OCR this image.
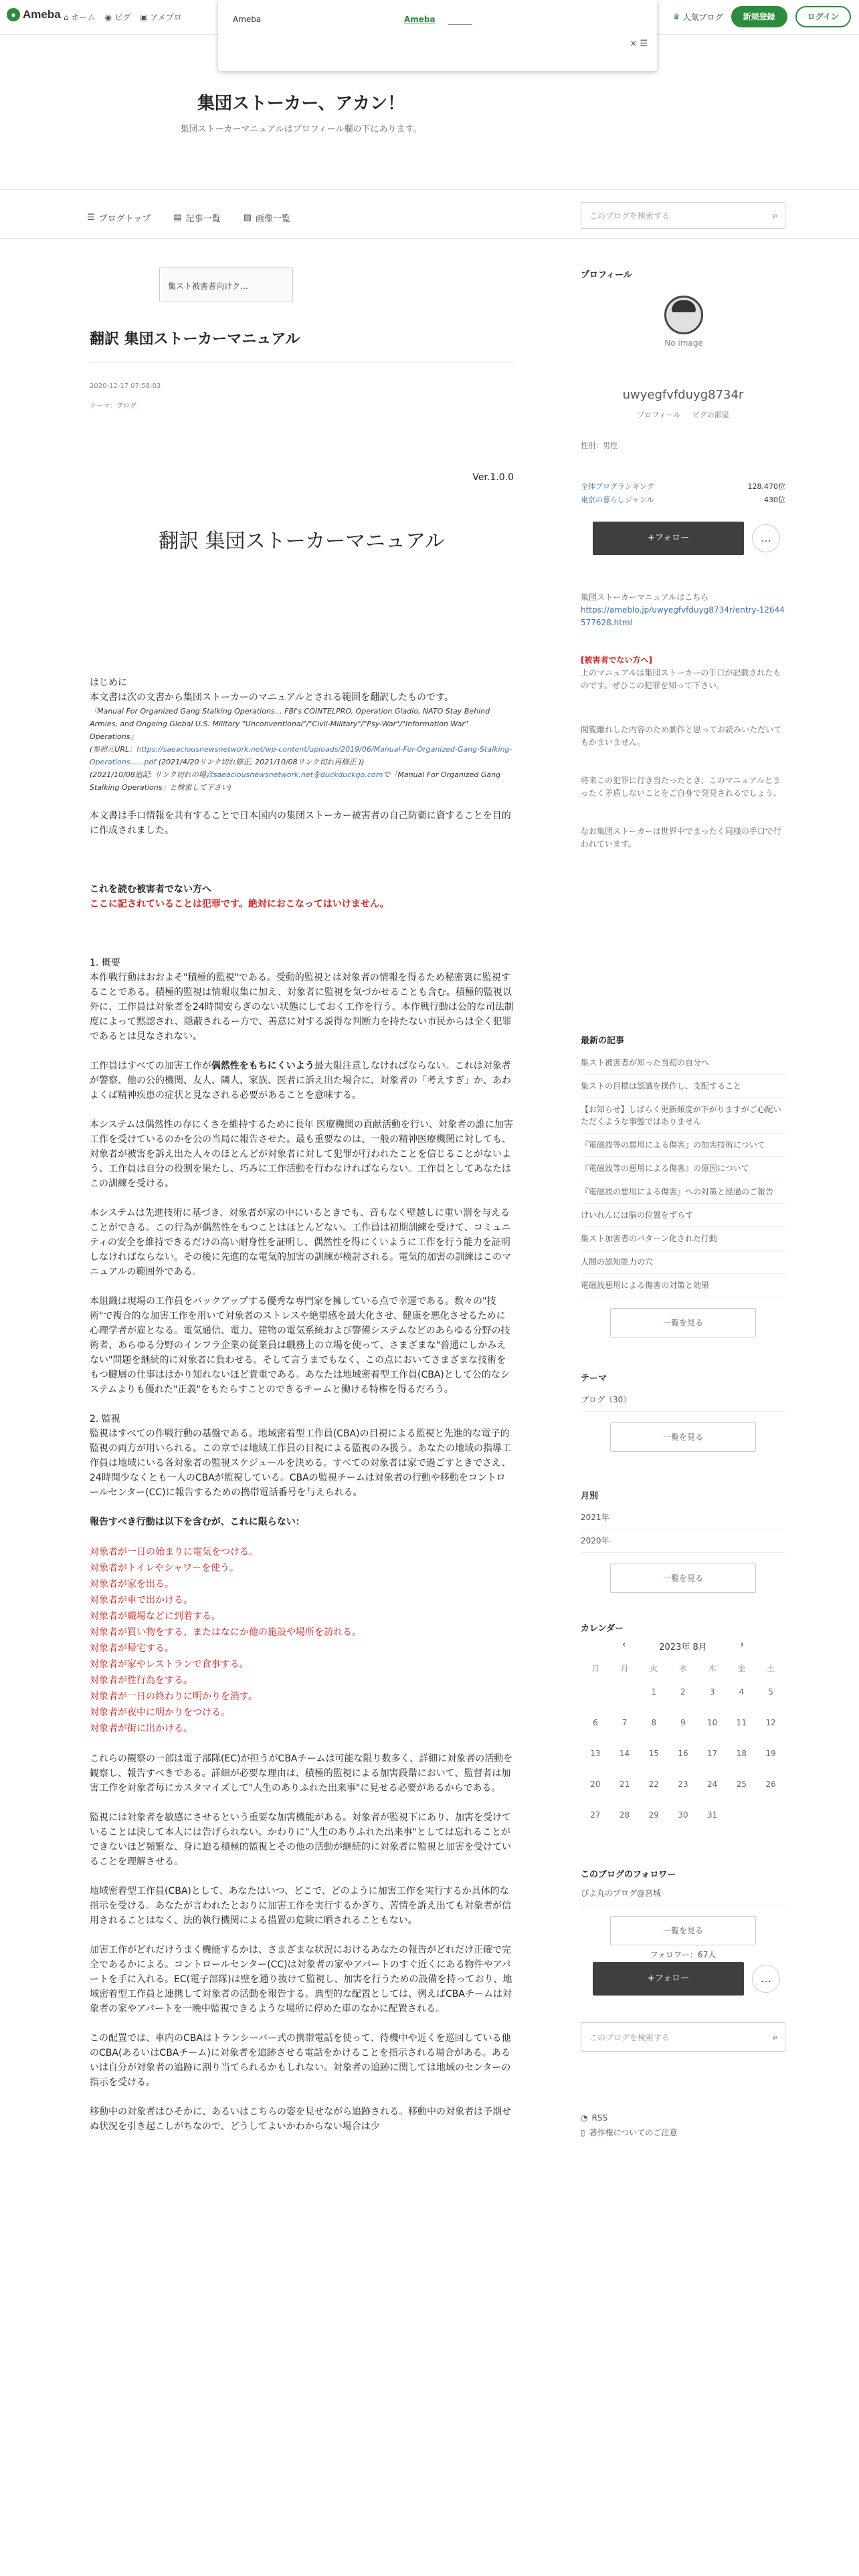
● Ameba ⌂ ホーム ◉ ピグ ▣ アメプロ	♛ 人気ブログ	新規登録	ログイン
Ameba	Ameba
× ☰
集団ストーカー、アカン！
集団ストーカーマニュアルはプロフィール欄の下にあります。
☰ ブログトップ	▤ 記事一覧	▨ 画像一覧	このブログを検索する	⌕
集スト被害者向けク…
翻訳 集団ストーカーマニュアル
2020-12-17 07:58:03
テーマ：ブログ
Ver.1.0.0
翻訳 集団ストーカーマニュアル
はじめに
本文書は次の文書から集団ストーカーのマニュアルとされる範囲を翻訳したものです。
「Manual For Organized Gang Stalking Operations… FBI's COINTELPRO, Operation Gladio, NATO Stay Behind Armies, and Ongoing Global U.S. Military "Unconventional"/"Civil-Military"/"Psy-War"/"Information War" Operations」
(参照元URL：https://saeaciousnewsnetwork.net/wp-content/uploads/2019/06/Manual-For-Organized-Gang-Stalking-Operations......pdf (2021/4/20リンク切れ修正, 2021/10/08リンク切れ再修正 ))

(2021/10/08追記: リンク切れの場合saeaciousnewsnetwork.netをduckduckgo.comで「Manual For Organized Gang Stalking Operations」と検索して下さい)

本文書は手口情報を共有することで日本国内の集団ストーカー被害者の自己防衛に資することを目的に作成されました。

これを読む被害者でない方へ

ここに記されていることは犯罪です。絶対におこなってはいけません。

1. 概要

本作戦行動はおおよそ"積極的監視"である。受動的監視とは対象者の情報を得るため秘密裏に監視することである。積極的監視は情報収集に加え、対象者に監視を気づかせることも含む。積極的監視以外に、工作員は対象者を24時間安らぎのない状態にしておく工作を行う。本作戦行動は公的な司法制度によって黙認され、隠蔽されるー方で、善意に対する説得な判断力を持たない市民からは全く犯罪であるとは見なされない。

工作員はすべての加害工作が偶然性をもちにくいよう最大限注意しなければならない。これは対象者が警察、他の公的機関、友人、隣人、家族、医者に訴え出た場合に、対象者の「考えすぎ」か、あわよくば精神疾患の症状と見なされる必要があることを意味する。

本システムは偶然性の存にくさを維持するために長年 医療機関の貢献活動を行い、対象者の誰に加害工作を受けているのかを公の当局に報告させた。最も重要なのは、一般の精神医療機関に対しても、対象者が被害を訴え出た人々のほとんどが対象者に対して犯罪が行われたことを信じることがないよう、工作員は自分の役割を果たし、巧みに工作活動を行わなければならない。工作員としてあなたはこの訓練を受ける。

本システムは先進技術に基づき、対象者が家の中にいるときでも、音もなく壁越しに重い罰を与えることができる。この行為が偶然性をもつことはほとんどない。工作員は初期訓練を受けて、コミュニティの安全を維持できるだけの高い耐身性を証明し、偶然性を得にくいように工作を行う能力を証明しなければならない。その後に先進的な電気的加害の訓練が検討される。電気的加害の訓練はこのマニュアルの範囲外である。

本組織は現場の工作員をバックアップする優秀な専門家を擁している点で幸運である。数々の"技術"で複合的な加害工作を用いて対象者のストレスや絶望感を最大化させ、健康を悪化させるために心理学者が雇となる。電気通信、電力、建物の電気系統および警備システムなどのあらゆる分野の技術者、あらゆる分野のインフラ企業の従業員は職務上の立場を使って、さまざまな"普通にしかみえない"問題を継続的に対象者に負わせる。そして言うまでもなく、この点においてさまざまな技術をもつ腱層の仕事ははかり知れないほど貴重である。あなたは地域密着型工作員(CBA)として公的なシステムよりも優れた"正義"をもたらすことのできるチームと働ける特権を得るだろう。

2. 監視

監視はすべての作戦行動の基盤である。地域密着型工作員(CBA)の目視による監視と先進的な電子的監視の両方が用いられる。この章では地域工作員の目視による監視のみ扱う。あなたの地域の指導工作員は地域にいる各対象者の監視スケジュールを決める。すべての対象者は家で過ごすときでさえ、24時間少なくとも一人のCBAが監視している。CBAの監視チームは対象者の行動や移動をコントロールセンター(CC)に報告するための携帯電話番号を与えられる。

報告すべき行動は以下を含むが、これに限らない：

対象者が一日の始まりに電気をつける。
対象者がトイレやシャワーを使う。
対象者が家を出る。
対象者が車で出かける。
対象者が職場などに到着する。
対象者が買い物をする、またはなにか他の施設や場所を訪れる。
対象者が帰宅する。
対象者が家やレストランで食事する。
対象者が性行為をする。
対象者が一日の終わりに明かりを消す。
対象者が夜中に明かりをつける。
対象者が街に出かける。

これらの観察の一部は電子部隊(EC)が担うがCBAチームは可能な限り数多く、詳細に対象者の活動を観察し、報告すべきである。詳細が必要な理由は、積極的監視による加害段階において、監督者は加害工作を対象者毎にカスタマイズして"人生のありふれた出来事"に見せる必要があるからである。

監視には対象者を敏感にさせるという重要な加害機能がある。対象者が監視下にあり、加害を受けていることは決して本人には告げられない。かわりに"人生のありふれた出来事"としては忘れることができないほど頻繁な、身に迫る積極的監視とその他の活動が継続的に対象者に監視と加害を受けていることを理解させる。

地域密着型工作員(CBA)として、あなたはいつ、どこで、どのように加害工作を実行するか具体的な指示を受ける。あなたが言われたとおりに加害工作を実行するかぎり、苦情を訴え出ても対象者が信用されることはなく、法的執行機関による措置の危険に晒されることもない。

加害工作がどれだけうまく機能するかは、さまざまな状況におけるあなたの報告がどれだけ正確で完全であるかによる。コントロールセンター(CC)は対象者の家やアパートのすぐ近くにある物件やアパートを手に入れる。EC(電子部隊)は壁を通り抜けて監視し、加害を行うための設備を持っており、地域密着型工作員と連携して対象者の活動を報告する。典型的な配置としては、例えばCBAチームは対象者の家やアパートを一晩中監視できるような場所に停めた車のなかに配置される。

この配置では、車内のCBAはトランシーバー式の携帯電話を使って、待機中や近くを巡回している他のCBA(あるいはCBAチーム)に対象者を追跡させる電話をかけることを指示される場合がある。あるいは自分が対象者の追跡に割り当てられるかもしれない。対象者の追跡に関しては地域のセンターの指示を受ける。

移動中の対象者はひそかに、あるいはこちらの姿を見せながら追跡される。移動中の対象者は予期せぬ状況を引き起こしがちなので、どうしてよいかわからない場合は少

プロフィール
No image
uwyegfvfduyg8734r
プロフィール ピグの部屋
性別：男性
全体ブログランキング	128,470位
東京の暮らしジャンル	430位
+フォロー	…
集団ストーカーマニュアルはこちら
https://ameblo.jp/uwyegfvfduyg8734r/entry-12644577628.html
[被害者でない方へ]
上のマニュアルは集団ストーカーの手口が記載されたものです。ぜひこの犯罪を知って下さい。
閲覧離れした内容のため劇作と思ってお読みいただいてもかまいません。
将来この犯罪に行き当たったとき、このマニュアルとまったく矛盾しないことをご自身で発見されるでしょう。
なお集団ストーカーは世界中でまったく同様の手口で行われています。
最新の記事
集スト被害者が知った当初の自分へ
集ストの目標は認識を操作し、支配すること
【お知らせ】しばらく更新頻度が下がりますがご心配いただくような事態ではありません
『電磁波等の悪用による傷害』の加害技術について
『電磁波等の悪用による傷害』の原因について
『電磁波の悪用による傷害』への対策と経過のご報告
けいれんには脳の位置をずらす
集スト加害者のパターン化された行動
人間の認知能力の穴
電磁波悪用による傷害の対策と効果
一覧を見る
テーマ
ブログ（30）
一覧を見る
月別
2021年
2020年
一覧を見る
カレンダー
‹	2023年 8月	›
日	月	火	水	木	金	土
		1	2	3	4	5
6	7	8	9	10	11	12
13	14	15	16	17	18	19
20	21	22	23	24	25	26
27	28	29	30	31		
このブログのフォロワー
ぴよ丸のブログ@宮城
一覧を見る
フォロワー：67人
+フォロー	…
このブログを検索する	⌕
◔ RSS
▯ 著作権についてのご注意
